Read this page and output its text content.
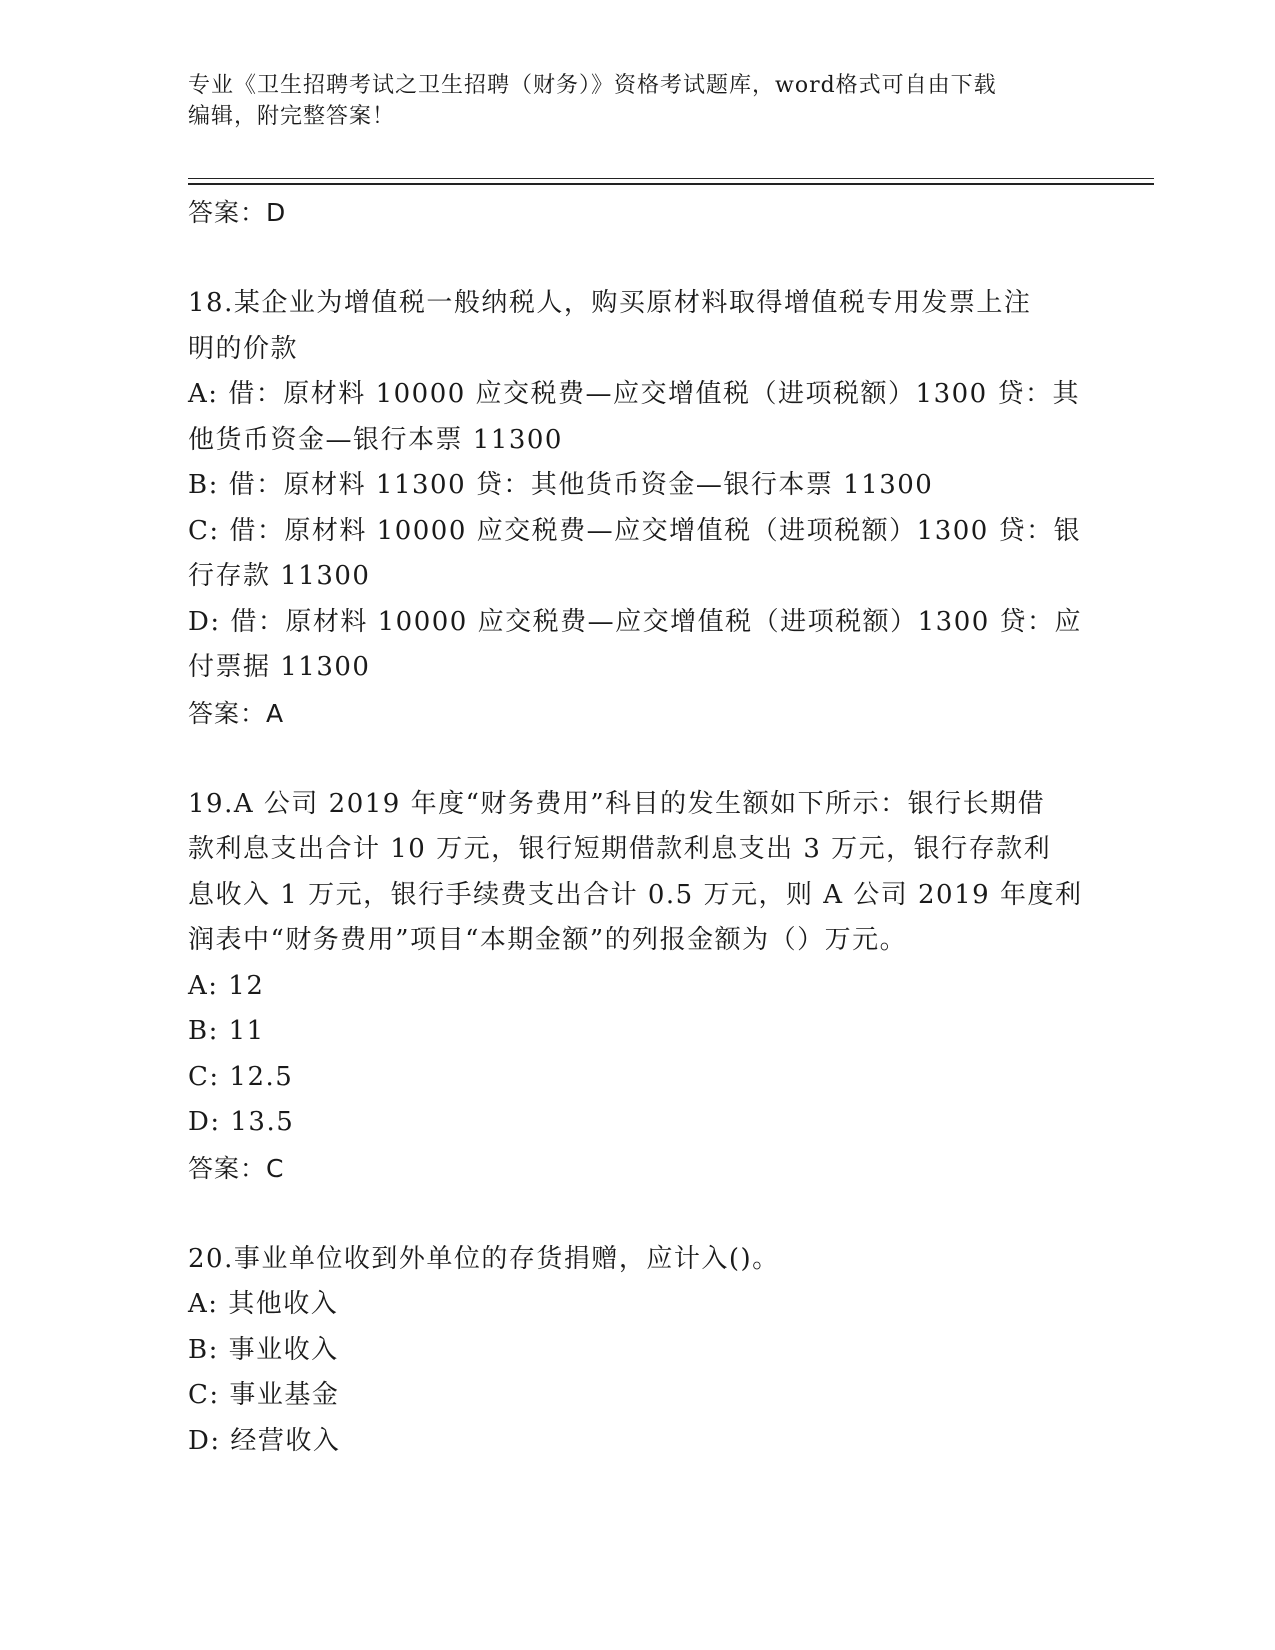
专业《卫生招聘考试之卫生招聘（财务）》资格考试题库，word格式可自由下载
编辑，附完整答案！

答案：D

18.某企业为增值税一般纳税人，购买原材料取得增值税专用发票上注

明的价款

A: 借：原材料 10000 应交税费—应交增值税（进项税额）1300 贷：其

他货币资金—银行本票 11300

B: 借：原材料 11300 贷：其他货币资金—银行本票 11300

C: 借：原材料 10000 应交税费—应交增值税（进项税额）1300 贷：银

行存款 11300

D: 借：原材料 10000 应交税费—应交增值税（进项税额）1300 贷：应

付票据 11300

答案：A

19.A 公司 2019 年度“财务费用”科目的发生额如下所示：银行长期借

款利息支出合计 10 万元，银行短期借款利息支出 3 万元，银行存款利

息收入 1 万元，银行手续费支出合计 0.5 万元，则 A 公司 2019 年度利

润表中“财务费用”项目“本期金额”的列报金额为（）万元。

A: 12

B: 11

C: 12.5

D: 13.5

答案：C

20.事业单位收到外单位的存货捐赠，应计入()。

A: 其他收入

B: 事业收入

C: 事业基金

D: 经营收入
